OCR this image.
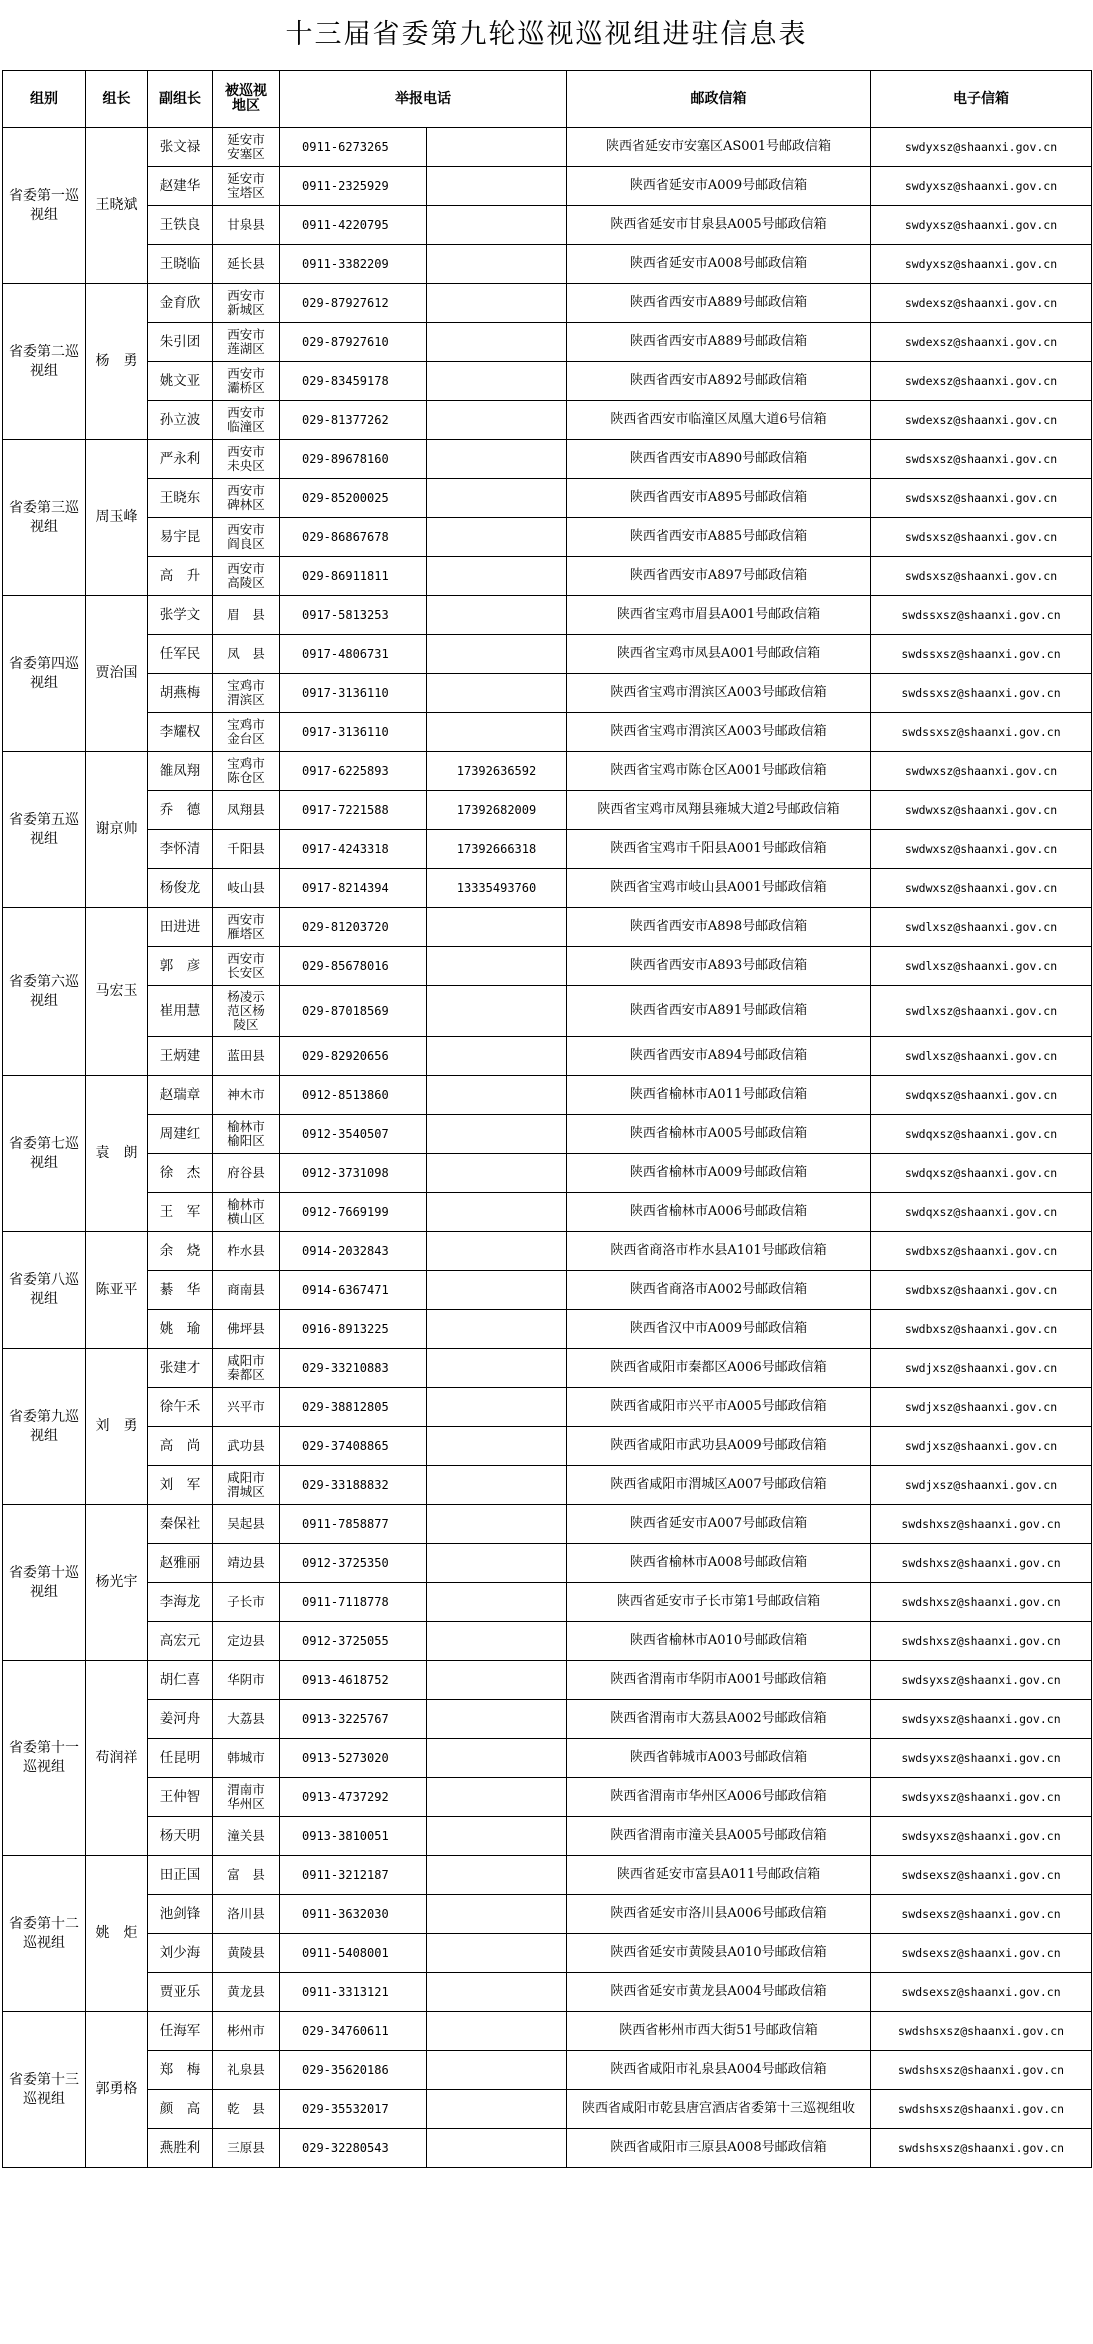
十三届省委第九轮巡视巡视组进驻信息表
组别	组长	副组长	被巡视地区	举报电话		邮政信箱	电子信箱
省委第一巡视组	王晓斌	张文禄	延安市安塞区	0911-6273265		陕西省延安市安塞区AS001号邮政信箱	swdyxsz@shaanxi.gov.cn
		赵建华	延安市宝塔区	0911-2325929		陕西省延安市A009号邮政信箱	swdyxsz@shaanxi.gov.cn
		王铁良	甘泉县	0911-4220795		陕西省延安市甘泉县A005号邮政信箱	swdyxsz@shaanxi.gov.cn
		王晓临	延长县	0911-3382209		陕西省延安市A008号邮政信箱	swdyxsz@shaanxi.gov.cn
省委第二巡视组	杨　勇	金育欣	西安市新城区	029-87927612		陕西省西安市A889号邮政信箱	swdexsz@shaanxi.gov.cn
		朱引团	西安市莲湖区	029-87927610		陕西省西安市A889号邮政信箱	swdexsz@shaanxi.gov.cn
		姚文亚	西安市灞桥区	029-83459178		陕西省西安市A892号邮政信箱	swdexsz@shaanxi.gov.cn
		孙立波	西安市临潼区	029-81377262		陕西省西安市临潼区凤凰大道6号信箱	swdexsz@shaanxi.gov.cn
省委第三巡视组	周玉峰	严永利	西安市未央区	029-89678160		陕西省西安市A890号邮政信箱	swdsxsz@shaanxi.gov.cn
		王晓东	西安市碑林区	029-85200025		陕西省西安市A895号邮政信箱	swdsxsz@shaanxi.gov.cn
		易宇昆	西安市阎良区	029-86867678		陕西省西安市A885号邮政信箱	swdsxsz@shaanxi.gov.cn
		高　升	西安市高陵区	029-86911811		陕西省西安市A897号邮政信箱	swdsxsz@shaanxi.gov.cn
省委第四巡视组	贾治国	张学文	眉　县	0917-5813253		陕西省宝鸡市眉县A001号邮政信箱	swdssxsz@shaanxi.gov.cn
		任军民	凤　县	0917-4806731		陕西省宝鸡市凤县A001号邮政信箱	swdssxsz@shaanxi.gov.cn
		胡燕梅	宝鸡市渭滨区	0917-3136110		陕西省宝鸡市渭滨区A003号邮政信箱	swdssxsz@shaanxi.gov.cn
		李耀权	宝鸡市金台区	0917-3136110		陕西省宝鸡市渭滨区A003号邮政信箱	swdssxsz@shaanxi.gov.cn
省委第五巡视组	谢京帅	雒凤翔	宝鸡市陈仓区	0917-6225893	17392636592	陕西省宝鸡市陈仓区A001号邮政信箱	swdwxsz@shaanxi.gov.cn
		乔　德	凤翔县	0917-7221588	17392682009	陕西省宝鸡市凤翔县雍城大道2号邮政信箱	swdwxsz@shaanxi.gov.cn
		李怀清	千阳县	0917-4243318	17392666318	陕西省宝鸡市千阳县A001号邮政信箱	swdwxsz@shaanxi.gov.cn
		杨俊龙	岐山县	0917-8214394	13335493760	陕西省宝鸡市岐山县A001号邮政信箱	swdwxsz@shaanxi.gov.cn
省委第六巡视组	马宏玉	田进进	西安市雁塔区	029-81203720		陕西省西安市A898号邮政信箱	swdlxsz@shaanxi.gov.cn
		郭　彦	西安市长安区	029-85678016		陕西省西安市A893号邮政信箱	swdlxsz@shaanxi.gov.cn
		崔用慧	杨凌示范区杨陵区	029-87018569		陕西省西安市A891号邮政信箱	swdlxsz@shaanxi.gov.cn
		王炳建	蓝田县	029-82920656		陕西省西安市A894号邮政信箱	swdlxsz@shaanxi.gov.cn
省委第七巡视组	袁　朗	赵瑞章	神木市	0912-8513860		陕西省榆林市A011号邮政信箱	swdqxsz@shaanxi.gov.cn
		周建红	榆林市榆阳区	0912-3540507		陕西省榆林市A005号邮政信箱	swdqxsz@shaanxi.gov.cn
		徐　杰	府谷县	0912-3731098		陕西省榆林市A009号邮政信箱	swdqxsz@shaanxi.gov.cn
		王　军	榆林市横山区	0912-7669199		陕西省榆林市A006号邮政信箱	swdqxsz@shaanxi.gov.cn
省委第八巡视组	陈亚平	余　烧	柞水县	0914-2032843		陕西省商洛市柞水县A101号邮政信箱	swdbxsz@shaanxi.gov.cn
		綦　华	商南县	0914-6367471		陕西省商洛市A002号邮政信箱	swdbxsz@shaanxi.gov.cn
		姚　瑜	佛坪县	0916-8913225		陕西省汉中市A009号邮政信箱	swdbxsz@shaanxi.gov.cn
省委第九巡视组	刘　勇	张建才	咸阳市秦都区	029-33210883		陕西省咸阳市秦都区A006号邮政信箱	swdjxsz@shaanxi.gov.cn
		徐午禾	兴平市	029-38812805		陕西省咸阳市兴平市A005号邮政信箱	swdjxsz@shaanxi.gov.cn
		高　尚	武功县	029-37408865		陕西省咸阳市武功县A009号邮政信箱	swdjxsz@shaanxi.gov.cn
		刘　军	咸阳市渭城区	029-33188832		陕西省咸阳市渭城区A007号邮政信箱	swdjxsz@shaanxi.gov.cn
省委第十巡视组	杨光宇	秦保社	吴起县	0911-7858877		陕西省延安市A007号邮政信箱	swdshxsz@shaanxi.gov.cn
		赵雅丽	靖边县	0912-3725350		陕西省榆林市A008号邮政信箱	swdshxsz@shaanxi.gov.cn
		李海龙	子长市	0911-7118778		陕西省延安市子长市第1号邮政信箱	swdshxsz@shaanxi.gov.cn
		高宏元	定边县	0912-3725055		陕西省榆林市A010号邮政信箱	swdshxsz@shaanxi.gov.cn
省委第十一巡视组	苟润祥	胡仁喜	华阴市	0913-4618752		陕西省渭南市华阴市A001号邮政信箱	swdsyxsz@shaanxi.gov.cn
		姜河舟	大荔县	0913-3225767		陕西省渭南市大荔县A002号邮政信箱	swdsyxsz@shaanxi.gov.cn
		任昆明	韩城市	0913-5273020		陕西省韩城市A003号邮政信箱	swdsyxsz@shaanxi.gov.cn
		王仲智	渭南市华州区	0913-4737292		陕西省渭南市华州区A006号邮政信箱	swdsyxsz@shaanxi.gov.cn
		杨天明	潼关县	0913-3810051		陕西省渭南市潼关县A005号邮政信箱	swdsyxsz@shaanxi.gov.cn
省委第十二巡视组	姚　炬	田正国	富　县	0911-3212187		陕西省延安市富县A011号邮政信箱	swdsexsz@shaanxi.gov.cn
		池剑锋	洛川县	0911-3632030		陕西省延安市洛川县A006号邮政信箱	swdsexsz@shaanxi.gov.cn
		刘少海	黄陵县	0911-5408001		陕西省延安市黄陵县A010号邮政信箱	swdsexsz@shaanxi.gov.cn
		贾亚乐	黄龙县	0911-3313121		陕西省延安市黄龙县A004号邮政信箱	swdsexsz@shaanxi.gov.cn
省委第十三巡视组	郭勇格	任海军	彬州市	029-34760611		陕西省彬州市西大街51号邮政信箱	swdshsxsz@shaanxi.gov.cn
		郑　梅	礼泉县	029-35620186		陕西省咸阳市礼泉县A004号邮政信箱	swdshsxsz@shaanxi.gov.cn
		颜　高	乾　县	029-35532017		陕西省咸阳市乾县唐宫酒店省委第十三巡视组收	swdshsxsz@shaanxi.gov.cn
		燕胜利	三原县	029-32280543		陕西省咸阳市三原县A008号邮政信箱	swdshsxsz@shaanxi.gov.cn
